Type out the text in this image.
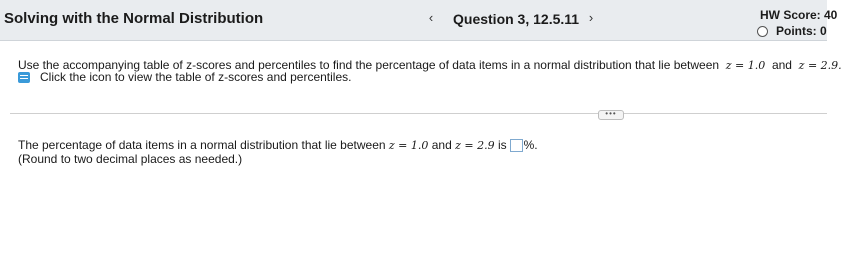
Solving with the Normal Distribution	‹	Question 3, 12.5.11 ›	HW Score: 40
Points: 0
Use the accompanying table of z-scores and percentiles to find the percentage of data items in a normal distribution that lie between z = 1.0 and z = 2.9.
Click the icon to view the table of z-scores and percentiles.
•••
The percentage of data items in a normal distribution that lie between
z = 1.0
and
z = 2.9
is %.
(Round to two decimal places as needed.)
